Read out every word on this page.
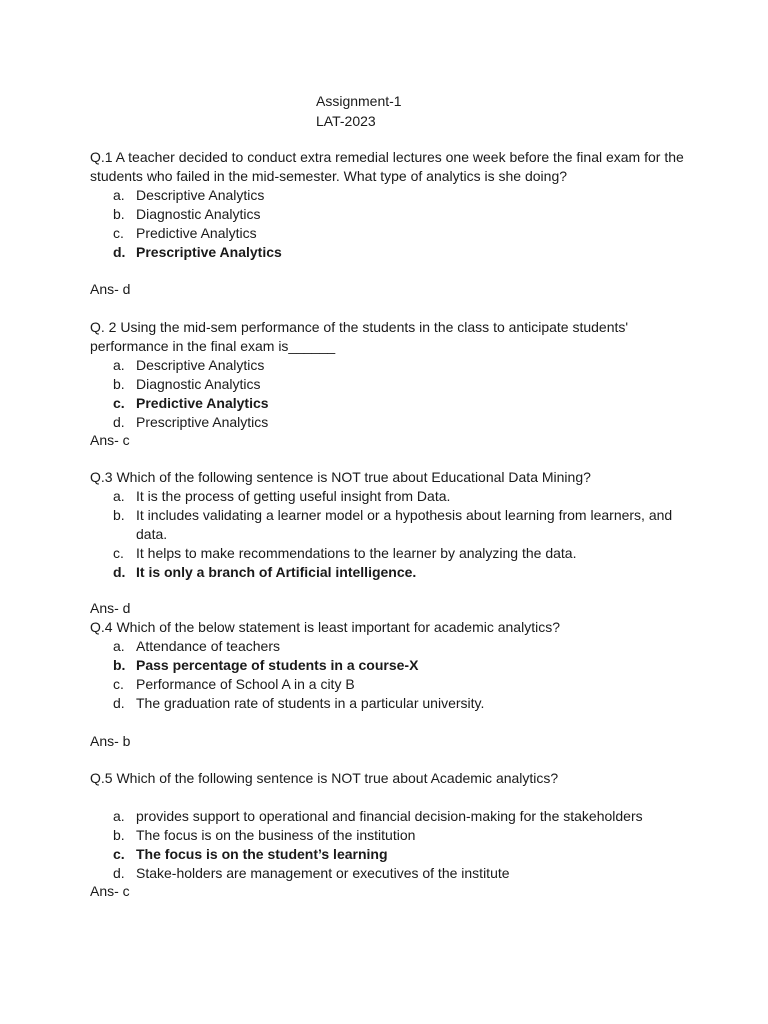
Assignment-1
LAT-2023

Q.1 A teacher decided to conduct extra remedial lectures one week before the final exam for the students who failed in the mid-semester. What type of analytics is she doing?

a. Descriptive Analytics
b. Diagnostic Analytics
c. Predictive Analytics
d. Prescriptive Analytics
Ans- d

Q. 2 Using the mid-sem performance of the students in the class to anticipate students' performance in the final exam is______

a. Descriptive Analytics
b. Diagnostic Analytics
c. Predictive Analytics
d. Prescriptive Analytics
Ans- c

Q.3 Which of the following sentence is NOT true about Educational Data Mining?

a. It is the process of getting useful insight from Data.
b. It includes validating a learner model or a hypothesis about learning from learners, and data.
c. It helps to make recommendations to the learner by analyzing the data.
d. It is only a branch of Artificial intelligence.
Ans- d

Q.4 Which of the below statement is least important for academic analytics?

a. Attendance of teachers
b. Pass percentage of students in a course-X
c. Performance of School A in a city B
d. The graduation rate of students in a particular university.
Ans- b

Q.5 Which of the following sentence is NOT true about Academic analytics?

a. provides support to operational and financial decision-making for the stakeholders
b. The focus is on the business of the institution
c. The focus is on the student’s learning
d. Stake-holders are management or executives of the institute
Ans- c
